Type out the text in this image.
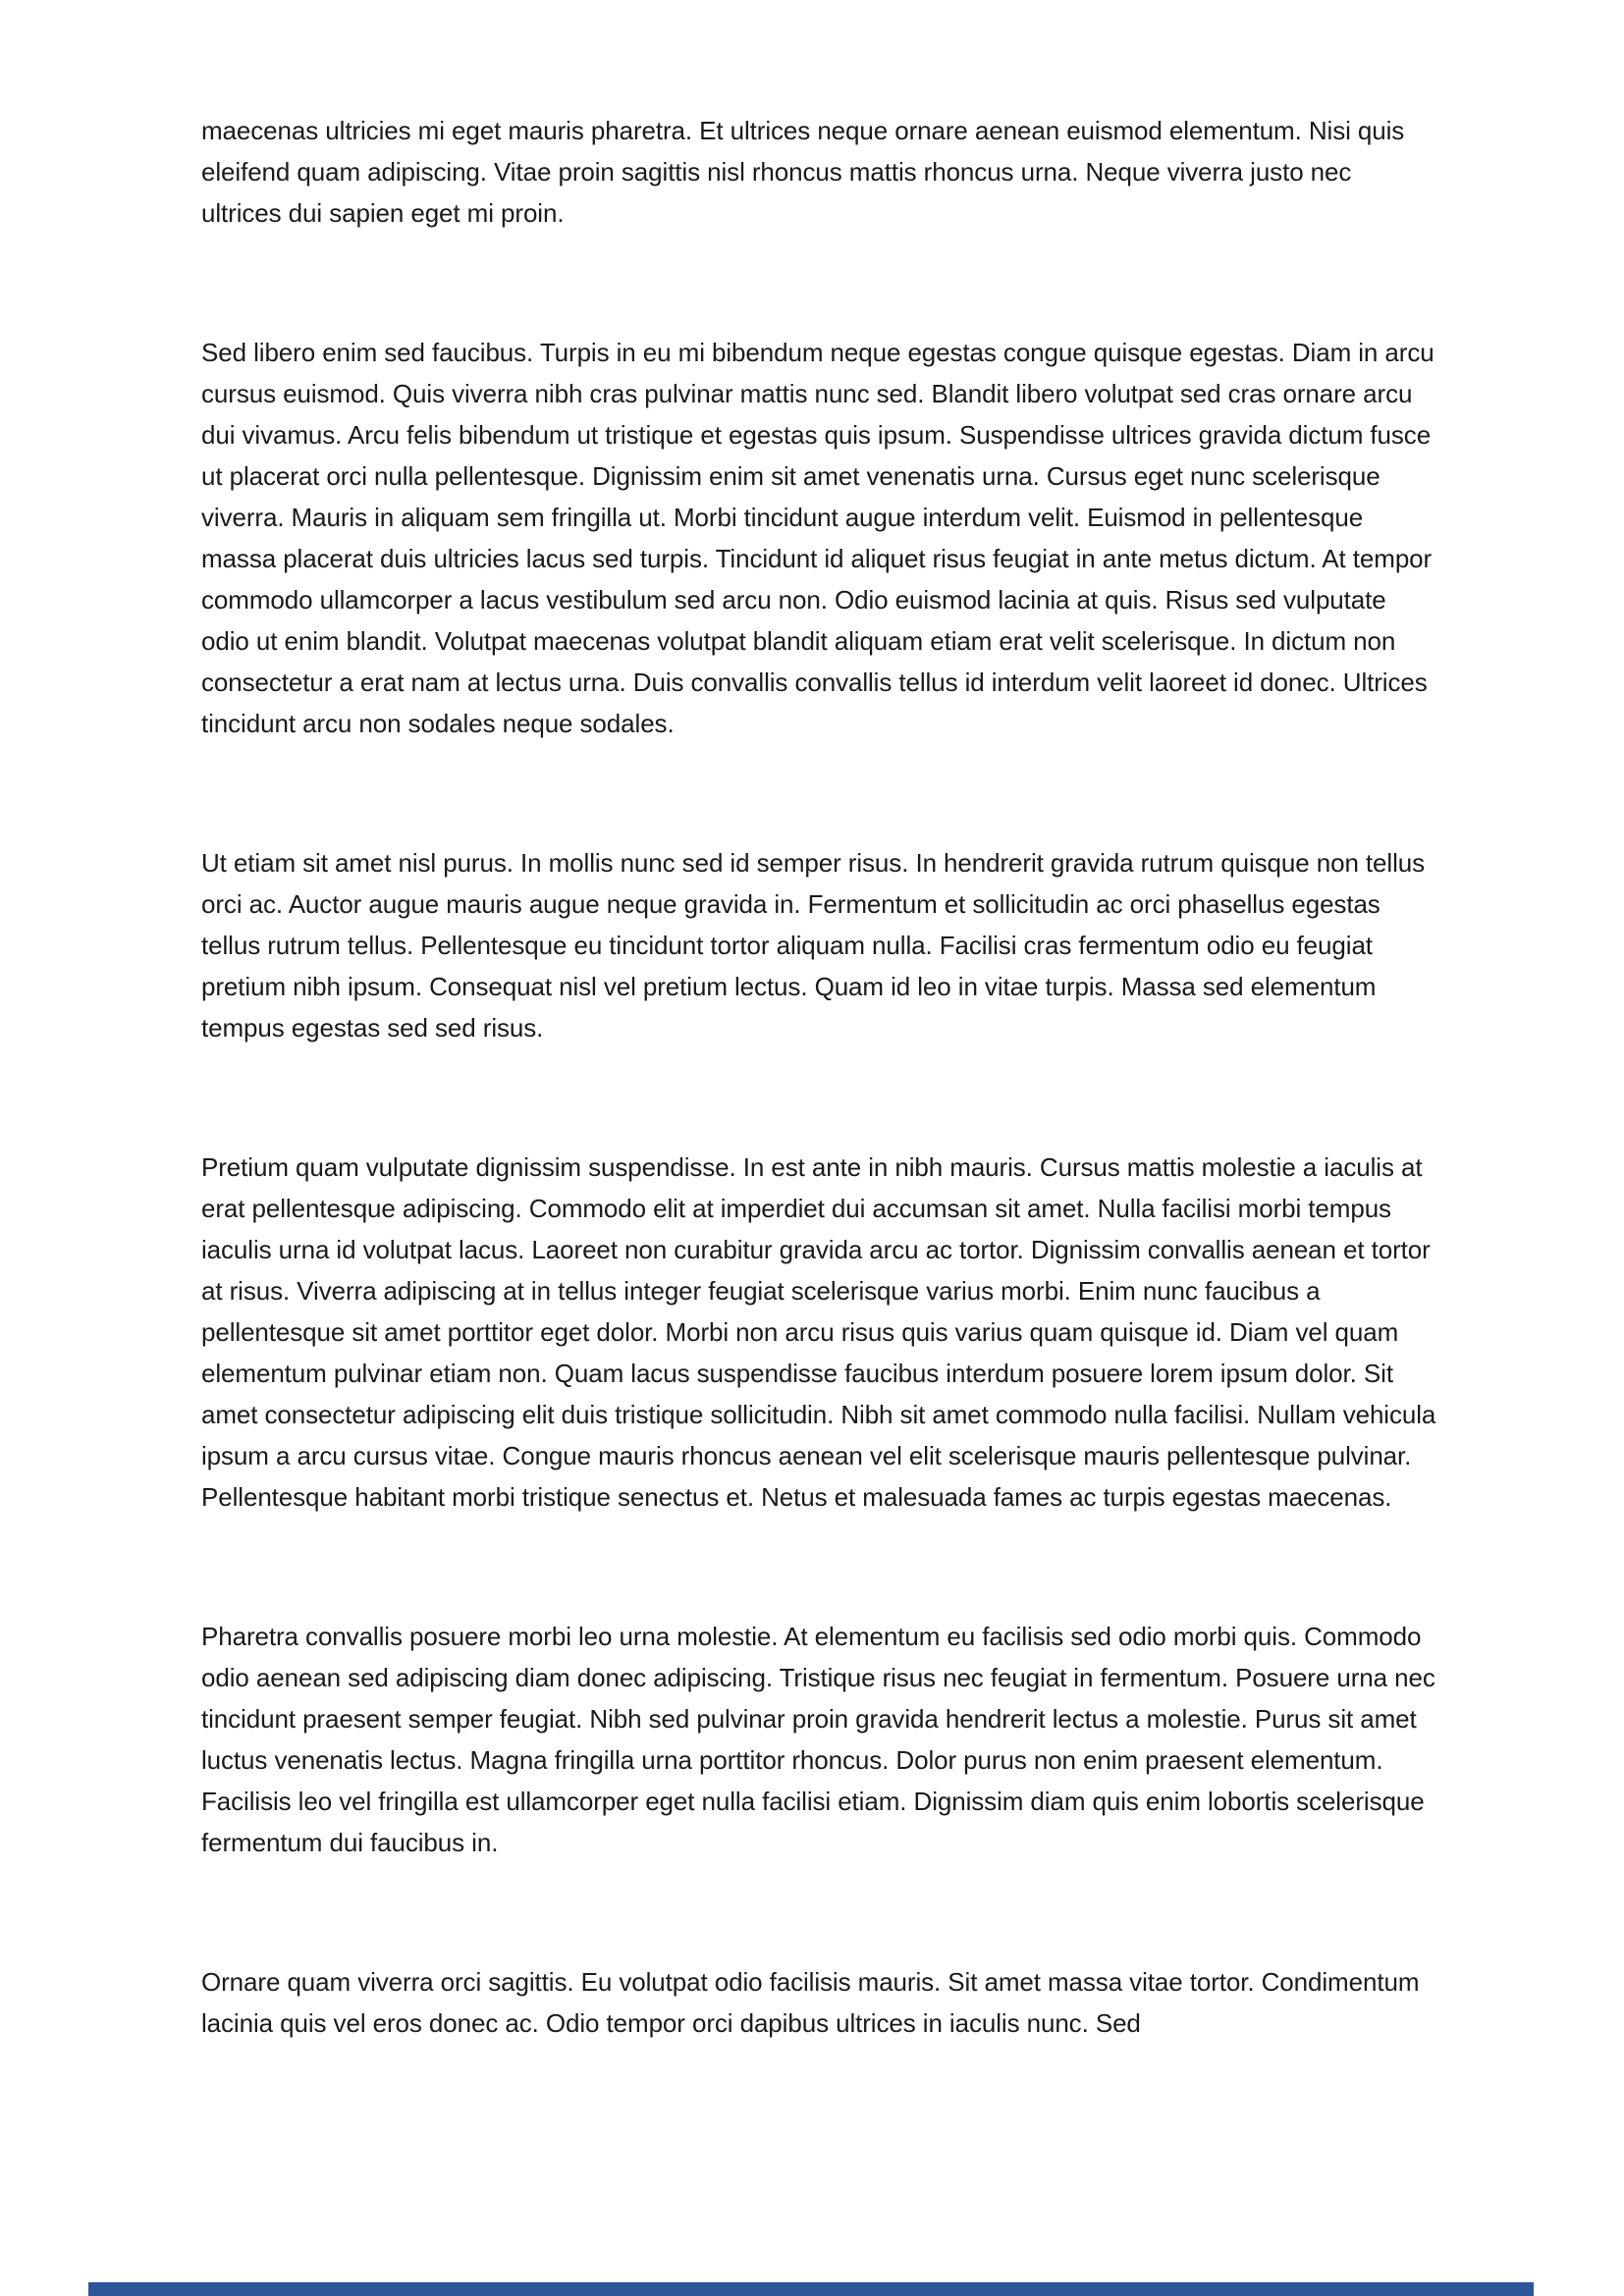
maecenas ultricies mi eget mauris pharetra. Et ultrices neque ornare aenean euismod elementum. Nisi quis eleifend quam adipiscing. Vitae proin sagittis nisl rhoncus mattis rhoncus urna. Neque viverra justo nec ultrices dui sapien eget mi proin.

Sed libero enim sed faucibus. Turpis in eu mi bibendum neque egestas congue quisque egestas. Diam in arcu cursus euismod. Quis viverra nibh cras pulvinar mattis nunc sed. Blandit libero volutpat sed cras ornare arcu dui vivamus. Arcu felis bibendum ut tristique et egestas quis ipsum. Suspendisse ultrices gravida dictum fusce ut placerat orci nulla pellentesque. Dignissim enim sit amet venenatis urna. Cursus eget nunc scelerisque viverra. Mauris in aliquam sem fringilla ut. Morbi tincidunt augue interdum velit. Euismod in pellentesque massa placerat duis ultricies lacus sed turpis. Tincidunt id aliquet risus feugiat in ante metus dictum. At tempor commodo ullamcorper a lacus vestibulum sed arcu non. Odio euismod lacinia at quis. Risus sed vulputate odio ut enim blandit. Volutpat maecenas volutpat blandit aliquam etiam erat velit scelerisque. In dictum non consectetur a erat nam at lectus urna. Duis convallis convallis tellus id interdum velit laoreet id donec. Ultrices tincidunt arcu non sodales neque sodales.

Ut etiam sit amet nisl purus. In mollis nunc sed id semper risus. In hendrerit gravida rutrum quisque non tellus orci ac. Auctor augue mauris augue neque gravida in. Fermentum et sollicitudin ac orci phasellus egestas tellus rutrum tellus. Pellentesque eu tincidunt tortor aliquam nulla. Facilisi cras fermentum odio eu feugiat pretium nibh ipsum. Consequat nisl vel pretium lectus. Quam id leo in vitae turpis. Massa sed elementum tempus egestas sed sed risus.

Pretium quam vulputate dignissim suspendisse. In est ante in nibh mauris. Cursus mattis molestie a iaculis at erat pellentesque adipiscing. Commodo elit at imperdiet dui accumsan sit amet. Nulla facilisi morbi tempus iaculis urna id volutpat lacus. Laoreet non curabitur gravida arcu ac tortor. Dignissim convallis aenean et tortor at risus. Viverra adipiscing at in tellus integer feugiat scelerisque varius morbi. Enim nunc faucibus a pellentesque sit amet porttitor eget dolor. Morbi non arcu risus quis varius quam quisque id. Diam vel quam elementum pulvinar etiam non. Quam lacus suspendisse faucibus interdum posuere lorem ipsum dolor. Sit amet consectetur adipiscing elit duis tristique sollicitudin. Nibh sit amet commodo nulla facilisi. Nullam vehicula ipsum a arcu cursus vitae. Congue mauris rhoncus aenean vel elit scelerisque mauris pellentesque pulvinar. Pellentesque habitant morbi tristique senectus et. Netus et malesuada fames ac turpis egestas maecenas.

Pharetra convallis posuere morbi leo urna molestie. At elementum eu facilisis sed odio morbi quis. Commodo odio aenean sed adipiscing diam donec adipiscing. Tristique risus nec feugiat in fermentum. Posuere urna nec tincidunt praesent semper feugiat. Nibh sed pulvinar proin gravida hendrerit lectus a molestie. Purus sit amet luctus venenatis lectus. Magna fringilla urna porttitor rhoncus. Dolor purus non enim praesent elementum. Facilisis leo vel fringilla est ullamcorper eget nulla facilisi etiam. Dignissim diam quis enim lobortis scelerisque fermentum dui faucibus in.

Ornare quam viverra orci sagittis. Eu volutpat odio facilisis mauris. Sit amet massa vitae tortor. Condimentum lacinia quis vel eros donec ac. Odio tempor orci dapibus ultrices in iaculis nunc. Sed
